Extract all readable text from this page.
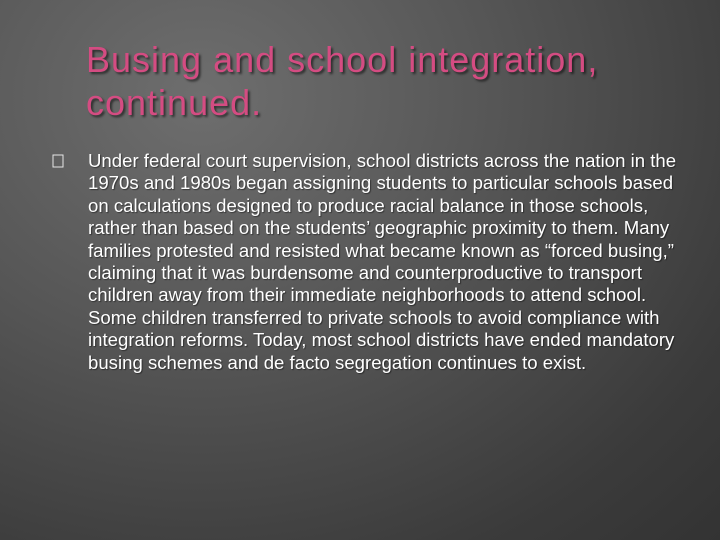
Busing and school integration, continued.

Under federal court supervision, school districts across the nation in the 1970s and 1980s began assigning students to particular schools based on calculations designed to produce racial balance in those schools, rather than based on the students’ geographic proximity to them. Many families protested and resisted what became known as “forced busing,” claiming that it was burdensome and counterproductive to transport children away from their immediate neighborhoods to attend school. Some children transferred to private schools to avoid compliance with integration reforms. Today, most school districts have ended mandatory busing schemes and de facto segregation continues to exist.
